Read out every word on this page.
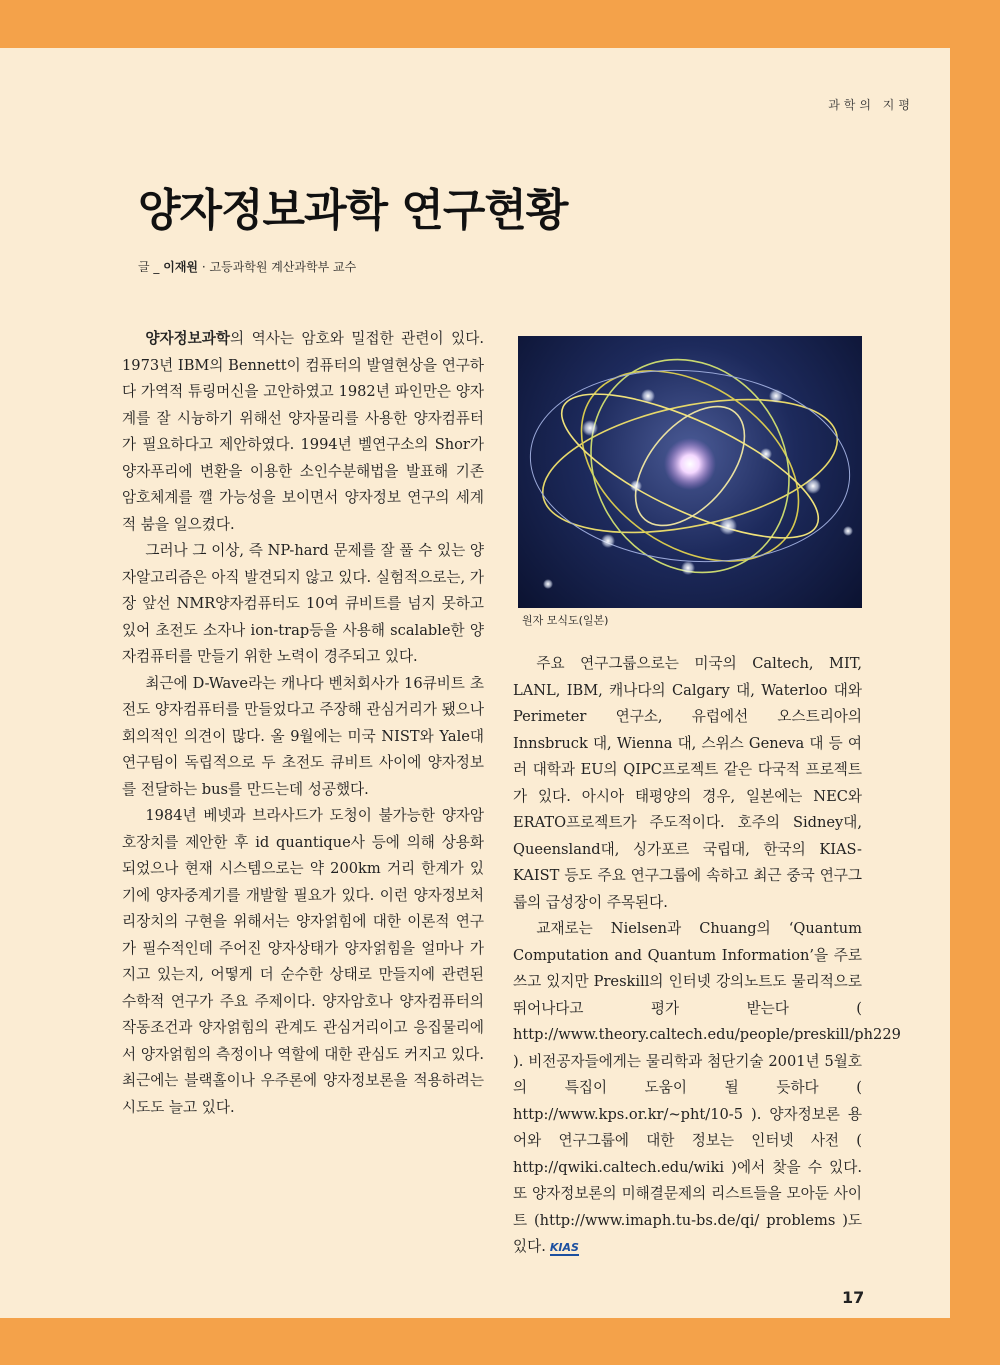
과학의 지평
양자정보과학 연구현황
글 _ 이재원 · 고등과학원 계산과학부 교수

양자정보과학의 역사는 암호와 밀접한 관련이 있다. 1973년 IBM의 Bennett이 컴퓨터의 발열현상을 연구하다 가역적 튜링머신을 고안하였고 1982년 파인만은 양자계를 잘 시늉하기 위해선 양자물리를 사용한 양자컴퓨터가 필요하다고 제안하였다. 1994년 벨연구소의 Shor가 양자푸리에 변환을 이용한 소인수분해법을 발표해 기존 암호체계를 깰 가능성을 보이면서 양자정보 연구의 세계적 붐을 일으켰다.

그러나 그 이상, 즉 NP-hard 문제를 잘 풀 수 있는 양자알고리즘은 아직 발견되지 않고 있다. 실험적으로는, 가장 앞선 NMR양자컴퓨터도 10여 큐비트를 넘지 못하고 있어 초전도 소자나 ion-trap등을 사용해 scalable한 양자컴퓨터를 만들기 위한 노력이 경주되고 있다.

최근에 D-Wave라는 캐나다 벤처회사가 16큐비트 초전도 양자컴퓨터를 만들었다고 주장해 관심거리가 됐으나 회의적인 의견이 많다. 올 9월에는 미국 NIST와 Yale대 연구팀이 독립적으로 두 초전도 큐비트 사이에 양자정보를 전달하는 bus를 만드는데 성공했다.

1984년 베넷과 브라사드가 도청이 불가능한 양자암호장치를 제안한 후 id quantique사 등에 의해 상용화 되었으나 현재 시스템으로는 약 200km 거리 한계가 있기에 양자중계기를 개발할 필요가 있다. 이런 양자정보처리장치의 구현을 위해서는 양자얽힘에 대한 이론적 연구가 필수적인데 주어진 양자상태가 양자얽힘을 얼마나 가지고 있는지, 어떻게 더 순수한 상태로 만들지에 관련된 수학적 연구가 주요 주제이다. 양자암호나 양자컴퓨터의 작동조건과 양자얽힘의 관계도 관심거리이고 응집물리에서 양자얽힘의 측정이나 역할에 대한 관심도 커지고 있다. 최근에는 블랙홀이나 우주론에 양자정보론을 적용하려는 시도도 늘고 있다.

원자 모식도(일본)

주요 연구그룹으로는 미국의 Caltech, MIT, LANL, IBM, 캐나다의 Calgary 대, Waterloo 대와 Perimeter 연구소, 유럽에선 오스트리아의 Innsbruck 대, Wienna 대, 스위스 Geneva 대 등 여러 대학과 EU의 QIPC프로젝트 같은 다국적 프로젝트가 있다. 아시아 태평양의 경우, 일본에는 NEC와 ERATO프로젝트가 주도적이다. 호주의 Sidney대, Queensland대, 싱가포르 국립대, 한국의 KIAS-KAIST 등도 주요 연구그룹에 속하고 최근 중국 연구그룹의 급성장이 주목된다.

교재로는 Nielsen과 Chuang의 ‘Quantum Computation and Quantum Information’을 주로 쓰고 있지만 Preskill의 인터넷 강의노트도 물리적으로 뛰어나다고 평가 받는다 ( http://www.theory.caltech.edu/people/preskill/ph229 ). 비전공자들에게는 물리학과 첨단기술 2001년 5월호의 특집이 도움이 될 듯하다 ( http://www.kps.or.kr/~pht/10-5 ). 양자정보론 용어와 연구그룹에 대한 정보는 인터넷 사전 ( http://qwiki.caltech.edu/wiki )에서 찾을 수 있다. 또 양자정보론의 미해결문제의 리스트들을 모아둔 사이트 (http://www.imaph.tu-bs.de/qi/ problems )도 있다. KIAS

17
